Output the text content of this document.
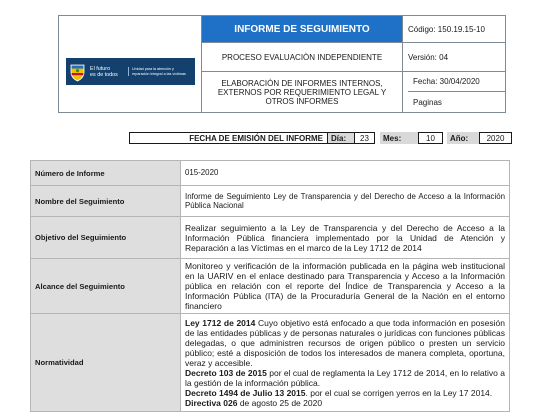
El futuro
es de todos
Unidad para la atención y reparación integral a las víctimas
INFORME DE SEGUIMIENTO
PROCESO EVALUACIÒN INDEPENDIENTE
ELABORACIÓN DE INFORMES INTERNOS, EXTERNOS POR REQUERIMIENTO LEGAL Y OTROS INFORMES
Código: 150.19.15-10
Versión: 04
Fecha: 30/04/2020
Paginas
FECHA DE EMISIÓN DEL INFORME	Día:	23	Mes:	10	Año:	2020
Número de Informe	015-2020
Nombre del Seguimiento	Informe de Seguimiento Ley de Transparencia y del Derecho de Acceso a la Información Pública Nacional
Objetivo del Seguimiento	Realizar seguimiento a la Ley de Transparencia y del Derecho de Acceso a la Información Pública financiera implementado por la Unidad de Atención y Reparación a las Víctimas en el marco de la Ley 1712 de 2014
Alcance del Seguimiento	Monitoreo y verificación de la información publicada en la página web institucional en la UARIV en el enlace destinado para Transparencia y Acceso a la Información pública en relación con el reporte del Índice de Transparencia y Acceso a la Información Pública (ITA) de la Procuraduría General de la Nación en el entorno financiero
Normatividad	Ley 1712 de 2014 Cuyo objetivo está enfocado a que toda información en posesión de las entidades públicas y de personas naturales o jurídicas con funciones públicas delegadas, o que administren recursos de origen público o presten un servicio público; esté a disposición de todos los interesados de manera completa, oportuna, veraz y accesible.

Decreto 103 de 2015 por el cual de reglamenta la Ley 1712 de 2014, en lo relativo a la gestión de la información pública.

Decreto 1494 de Julio 13 2015. por el cual se corrigen yerros en la Ley 17 2014.

Directiva 026 de agosto 25 de 2020
